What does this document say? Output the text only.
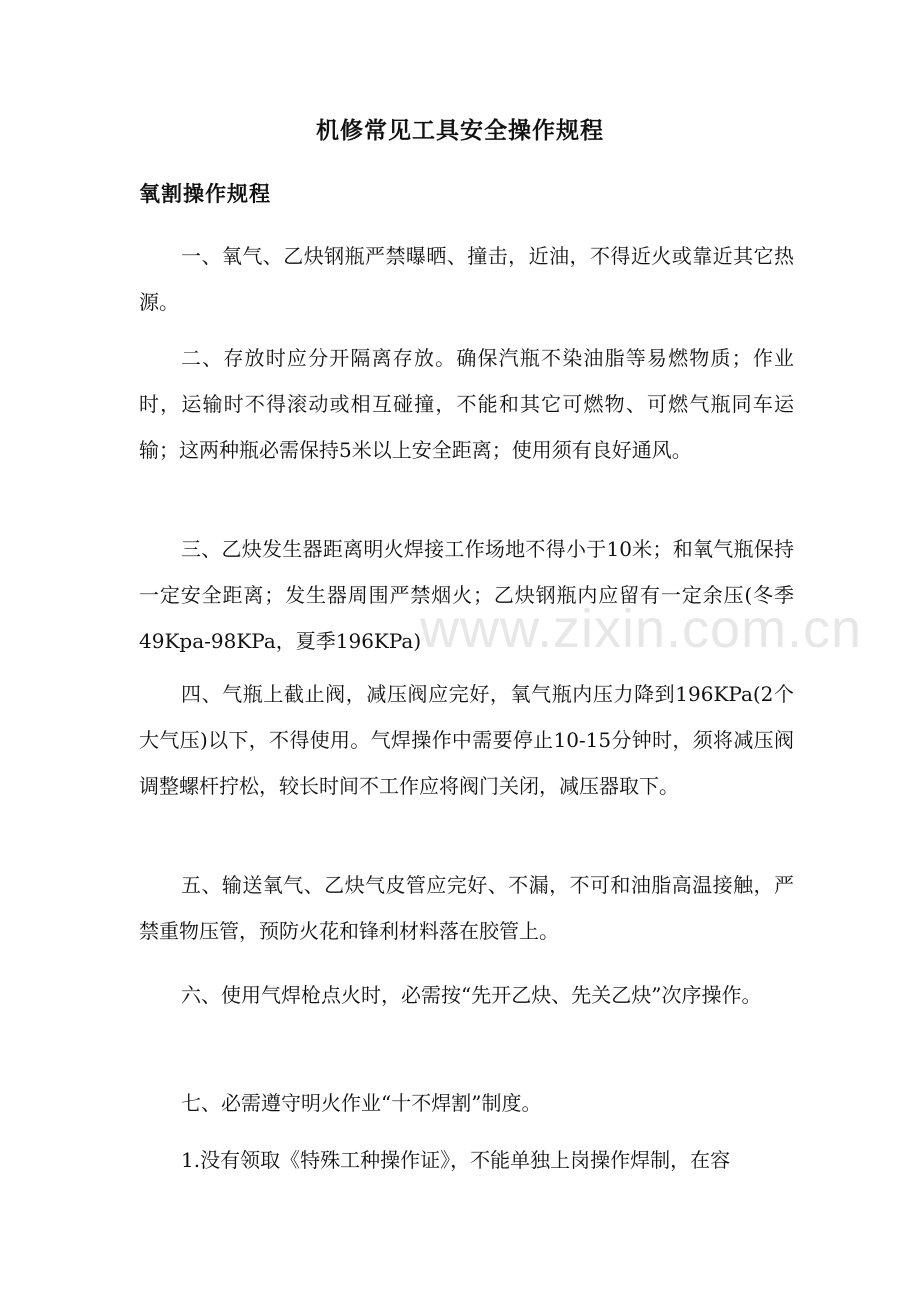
机修常见工具安全操作规程
氧割操作规程

一、氧气、乙炔钢瓶严禁曝晒、撞击，近油，不得近火或靠近其它热源。

二、存放时应分开隔离存放。确保汽瓶不染油脂等易燃物质；作业时，运输时不得滚动或相互碰撞，不能和其它可燃物、可燃气瓶同车运输；这两种瓶必需保持5米以上安全距离；使用须有良好通风。

三、乙炔发生器距离明火焊接工作场地不得小于10米；和氧气瓶保持一定安全距离；发生器周围严禁烟火；乙炔钢瓶内应留有一定余压(冬季49Kpa-98KPa，夏季196KPa)

四、气瓶上截止阀，减压阀应完好，氧气瓶内压力降到196KPa(2个大气压)以下，不得使用。气焊操作中需要停止10-15分钟时，须将减压阀调整螺杆拧松，较长时间不工作应将阀门关闭，减压器取下。

五、输送氧气、乙炔气皮管应完好、不漏，不可和油脂高温接触，严禁重物压管，预防火花和锋利材料落在胶管上。

六、使用气焊枪点火时，必需按“先开乙炔、先关乙炔”次序操作。

七、必需遵守明火作业“十不焊割”制度。

1.没有领取《特殊工种操作证》，不能单独上岗操作焊制，在容

www.zixin.com.cn
